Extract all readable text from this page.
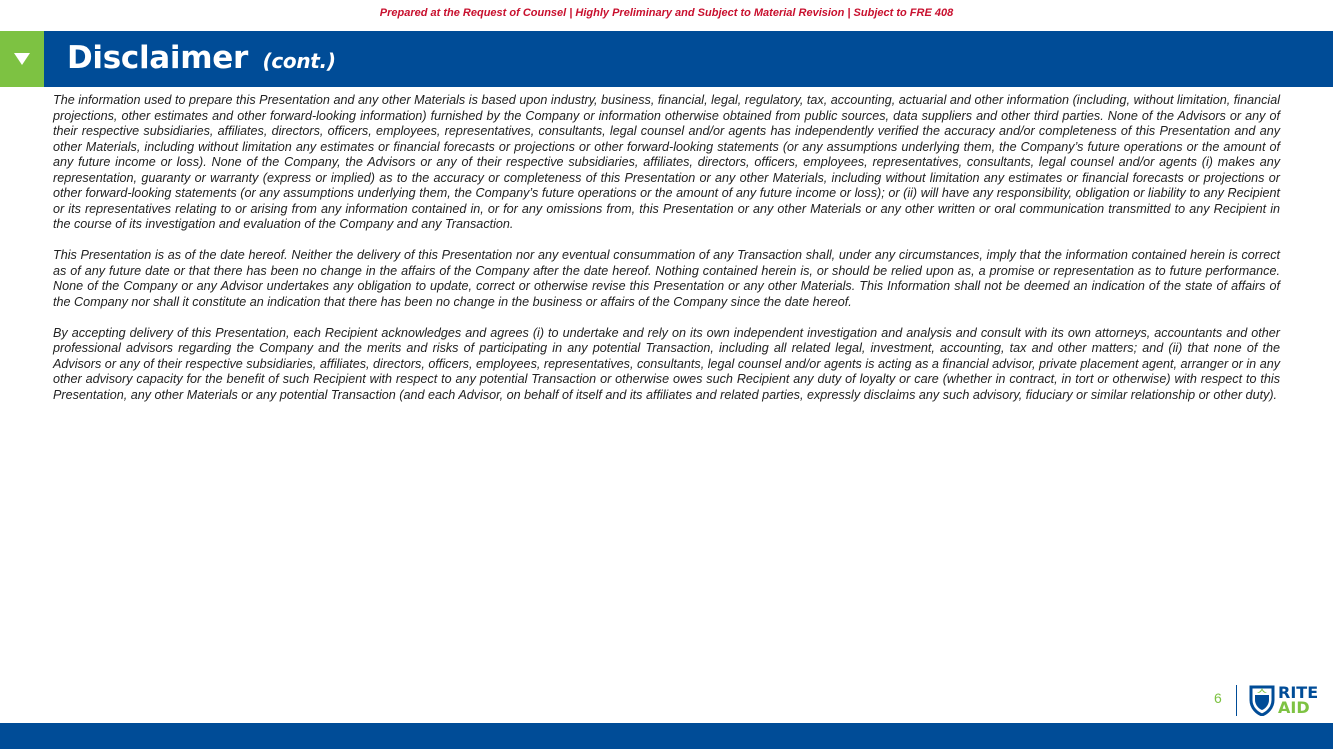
Prepared at the Request of Counsel | Highly Preliminary and Subject to Material Revision | Subject to FRE 408
Disclaimer (cont.)

The information used to prepare this Presentation and any other Materials is based upon industry, business, financial, legal, regulatory, tax, accounting, actuarial and other information (including, without limitation, financial projections, other estimates and other forward-looking information) furnished by the Company or information otherwise obtained from public sources, data suppliers and other third parties. None of the Advisors or any of their respective subsidiaries, affiliates, directors, officers, employees, representatives, consultants, legal counsel and/or agents has independently verified the accuracy and/or completeness of this Presentation and any other Materials, including without limitation any estimates or financial forecasts or projections or other forward-looking statements (or any assumptions underlying them, the Company’s future operations or the amount of any future income or loss). None of the Company, the Advisors or any of their respective subsidiaries, affiliates, directors, officers, employees, representatives, consultants, legal counsel and/or agents (i) makes any representation, guaranty or warranty (express or implied) as to the accuracy or completeness of this Presentation or any other Materials, including without limitation any estimates or financial forecasts or projections or other forward-looking statements (or any assumptions underlying them, the Company’s future operations or the amount of any future income or loss); or (ii) will have any responsibility, obligation or liability to any Recipient or its representatives relating to or arising from any information contained in, or for any omissions from, this Presentation or any other Materials or any other written or oral communication transmitted to any Recipient in the course of its investigation and evaluation of the Company and any Transaction.

This Presentation is as of the date hereof. Neither the delivery of this Presentation nor any eventual consummation of any Transaction shall, under any circumstances, imply that the information contained herein is correct as of any future date or that there has been no change in the affairs of the Company after the date hereof. Nothing contained herein is, or should be relied upon as, a promise or representation as to future performance. None of the Company or any Advisor undertakes any obligation to update, correct or otherwise revise this Presentation or any other Materials. This Information shall not be deemed an indication of the state of affairs of the Company nor shall it constitute an indication that there has been no change in the business or affairs of the Company since the date hereof.

By accepting delivery of this Presentation, each Recipient acknowledges and agrees (i) to undertake and rely on its own independent investigation and analysis and consult with its own attorneys, accountants and other professional advisors regarding the Company and the merits and risks of participating in any potential Transaction, including all related legal, investment, accounting, tax and other matters; and (ii) that none of the Advisors or any of their respective subsidiaries, affiliates, directors, officers, employees, representatives, consultants, legal counsel and/or agents is acting as a financial advisor, private placement agent, arranger or in any other advisory capacity for the benefit of such Recipient with respect to any potential Transaction or otherwise owes such Recipient any duty of loyalty or care (whether in contract, in tort or otherwise) with respect to this Presentation, any other Materials or any potential Transaction (and each Advisor, on behalf of itself and its affiliates and related parties, expressly disclaims any such advisory, fiduciary or similar relationship or other duty).

6	RITE
AID
